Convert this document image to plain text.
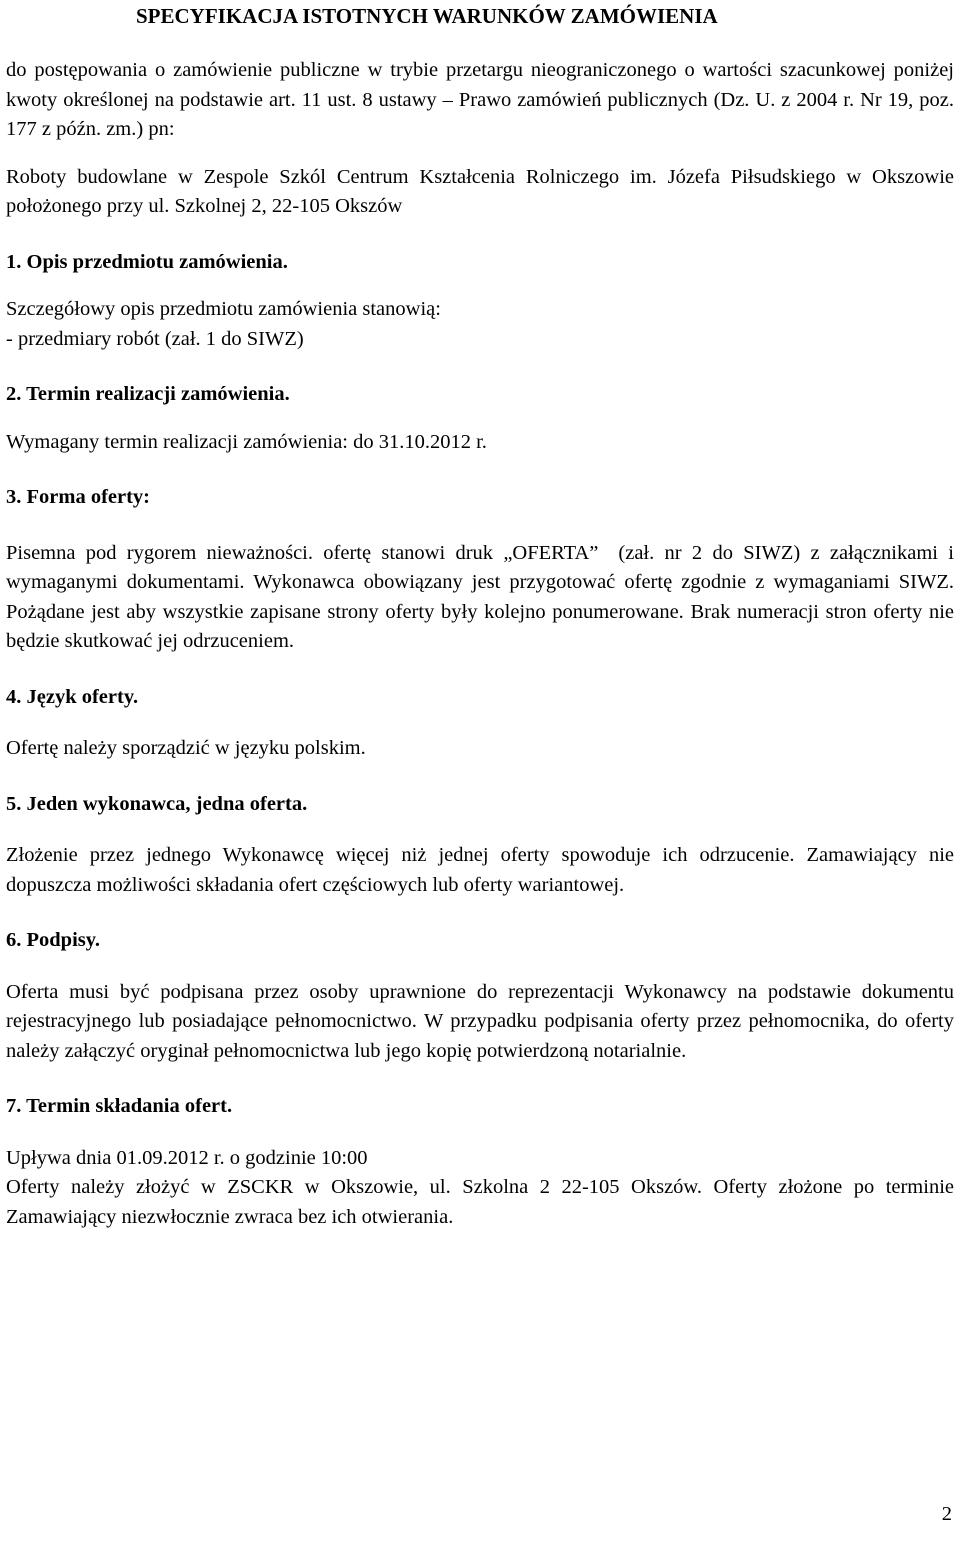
SPECYFIKACJA ISTOTNYCH WARUNKÓW ZAMÓWIENIA

do postępowania o zamówienie publiczne w trybie przetargu nieograniczonego o wartości szacunkowej poniżej kwoty określonej na podstawie art. 11 ust. 8 ustawy – Prawo zamówień publicznych (Dz. U. z 2004 r. Nr 19, poz. 177 z późn. zm.) pn:

Roboty budowlane w Zespole Szkól Centrum Kształcenia Rolniczego im. Józefa Piłsudskiego w Okszowie położonego przy ul. Szkolnej 2, 22-105 Okszów

1. Opis przedmiotu zamówienia.

Szczegółowy opis przedmiotu zamówienia stanowią:

- przedmiary robót (zał. 1 do SIWZ)

2. Termin realizacji zamówienia.

Wymagany termin realizacji zamówienia: do 31.10.2012 r.

3. Forma oferty:

Pisemna pod rygorem nieważności. ofertę stanowi druk „OFERTA” (zał. nr 2 do SIWZ) z załącznikami i wymaganymi dokumentami. Wykonawca obowiązany jest przygotować ofertę zgodnie z wymaganiami SIWZ. Pożądane jest aby wszystkie zapisane strony oferty były kolejno ponumerowane. Brak numeracji stron oferty nie będzie skutkować jej odrzuceniem.

4. Język oferty.

Ofertę należy sporządzić w języku polskim.

5. Jeden wykonawca, jedna oferta.

Złożenie przez jednego Wykonawcę więcej niż jednej oferty spowoduje ich odrzucenie. Zamawiający nie dopuszcza możliwości składania ofert częściowych lub oferty wariantowej.

6. Podpisy.

Oferta musi być podpisana przez osoby uprawnione do reprezentacji Wykonawcy na podstawie dokumentu rejestracyjnego lub posiadające pełnomocnictwo. W przypadku podpisania oferty przez pełnomocnika, do oferty należy załączyć oryginał pełnomocnictwa lub jego kopię potwierdzoną notarialnie.

7. Termin składania ofert.

Upływa dnia 01.09.2012 r. o godzinie 10:00

Oferty należy złożyć w ZSCKR w Okszowie, ul. Szkolna 2 22-105 Okszów. Oferty złożone po terminie Zamawiający niezwłocznie zwraca bez ich otwierania.

2
